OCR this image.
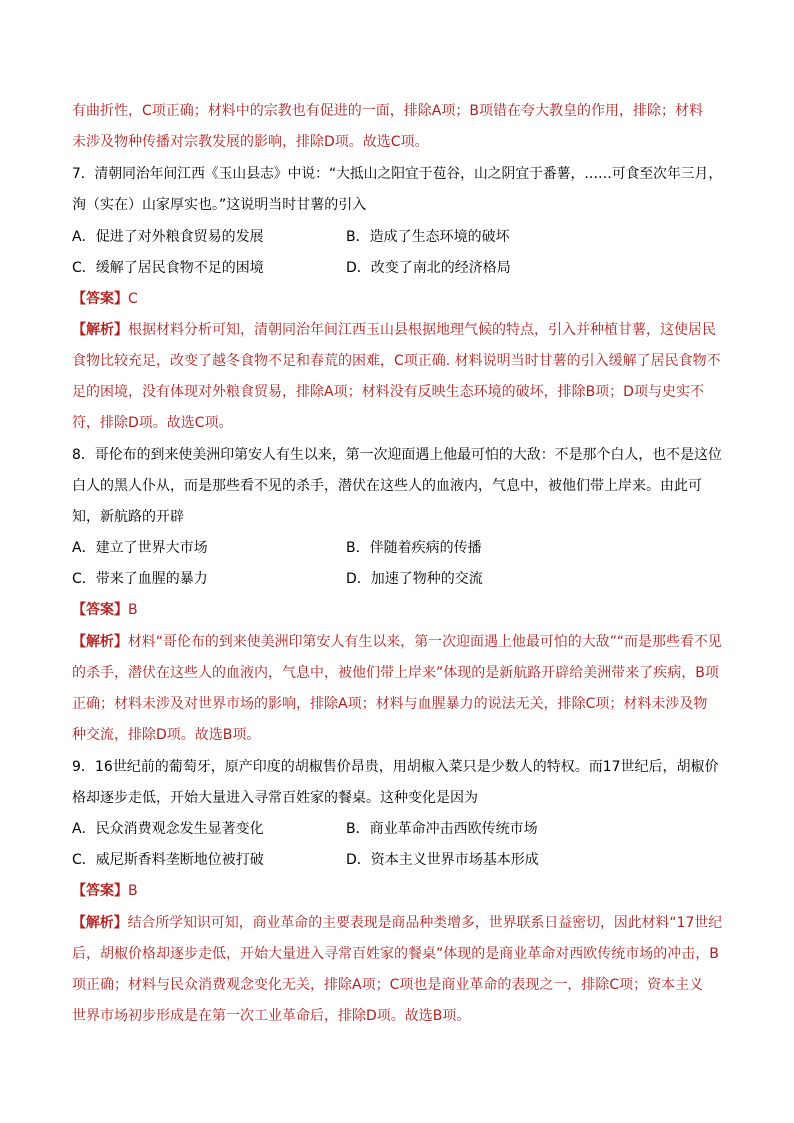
有曲折性，C项正确；材料中的宗教也有促进的一面，排除A项；B项错在夸大教皇的作用，排除；材料
未涉及物种传播对宗教发展的影响，排除D项。故选C项。
7．清朝同治年间江西《玉山县志》中说：“大抵山之阳宜于苞谷，山之阴宜于番薯，……可食至次年三月，
洵（实在）山家厚实也。”这说明当时甘薯的引入
A．促进了对外粮食贸易的发展	B．造成了生态环境的破坏
C．缓解了居民食物不足的困境	D．改变了南北的经济格局
【答案】C
【解析】根据材料分析可知，清朝同治年间江西玉山县根据地理气候的特点，引入并种植甘薯，这使居民
食物比较充足，改变了越冬食物不足和春荒的困难，C项正确. 材料说明当时甘薯的引入缓解了居民食物不
足的困境，没有体现对外粮食贸易，排除A项；材料没有反映生态环境的破坏，排除B项；D项与史实不
符，排除D项。故选C项。
8．哥伦布的到来使美洲印第安人有生以来，第一次迎面遇上他最可怕的大敌：不是那个白人，也不是这位
白人的黑人仆从，而是那些看不见的杀手，潜伏在这些人的血液内，气息中，被他们带上岸来。由此可
知，新航路的开辟
A．建立了世界大市场	B．伴随着疾病的传播
C．带来了血腥的暴力	D．加速了物种的交流
【答案】B
【解析】材料“哥伦布的到来使美洲印第安人有生以来，第一次迎面遇上他最可怕的大敌”“而是那些看不见
的杀手，潜伏在这些人的血液内，气息中，被他们带上岸来”体现的是新航路开辟给美洲带来了疾病，B项
正确；材料未涉及对世界市场的影响，排除A项；材料与血腥暴力的说法无关，排除C项；材料未涉及物
种交流，排除D项。故选B项。
9．16世纪前的葡萄牙，原产印度的胡椒售价昂贵，用胡椒入菜只是少数人的特权。而17世纪后，胡椒价
格却逐步走低，开始大量进入寻常百姓家的餐桌。这种变化是因为
A．民众消费观念发生显著变化	B．商业革命冲击西欧传统市场
C．威尼斯香料垄断地位被打破	D．资本主义世界市场基本形成
【答案】B
【解析】结合所学知识可知，商业革命的主要表现是商品种类增多，世界联系日益密切，因此材料“17世纪
后，胡椒价格却逐步走低，开始大量进入寻常百姓家的餐桌”体现的是商业革命对西欧传统市场的冲击，B
项正确；材料与民众消费观念变化无关，排除A项；C项也是商业革命的表现之一，排除C项；资本主义
世界市场初步形成是在第一次工业革命后，排除D项。故选B项。
